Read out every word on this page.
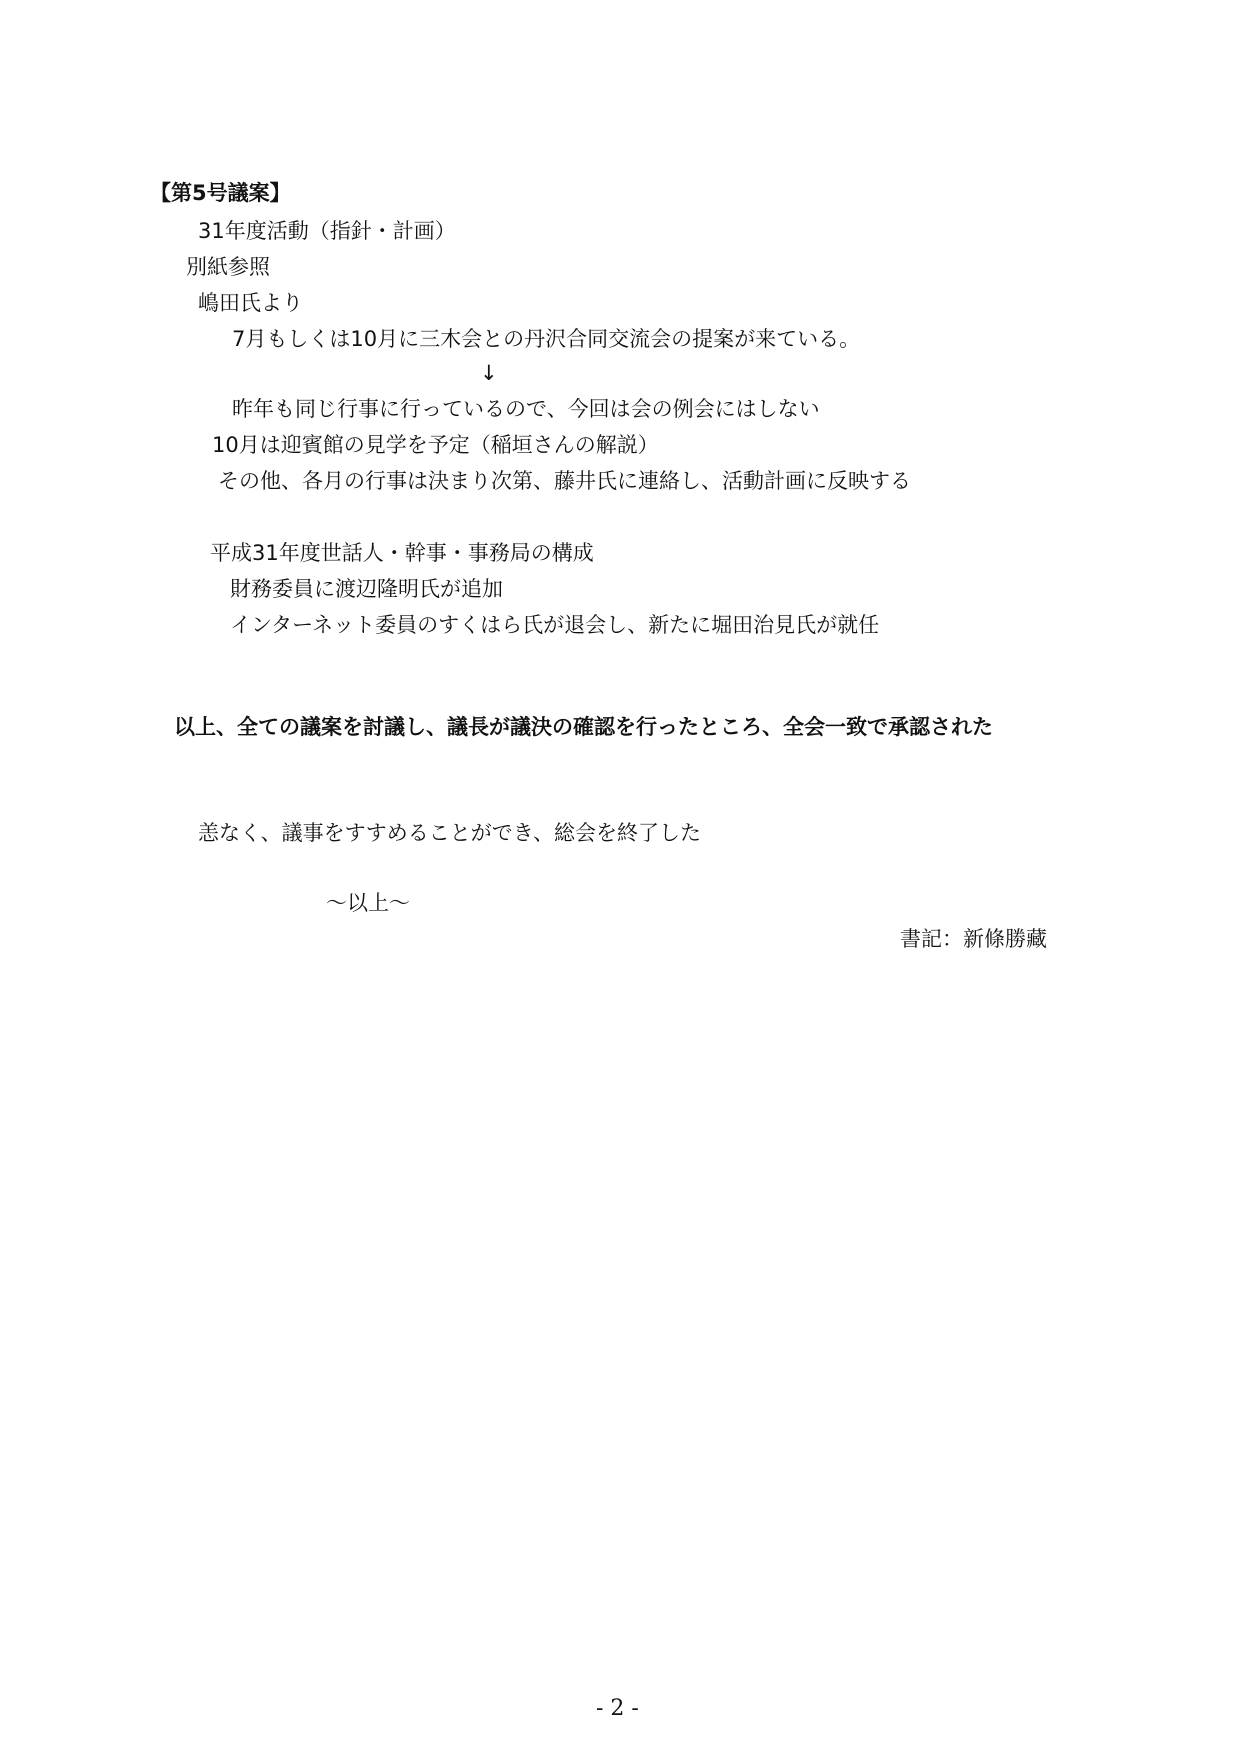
【第5号議案】
31年度活動（指針・計画）
別紙参照
嶋田氏より
7月もしくは10月に三木会との丹沢合同交流会の提案が来ている。
↓
昨年も同じ行事に行っているので、今回は会の例会にはしない
10月は迎賓館の見学を予定（稲垣さんの解説）
その他、各月の行事は決まり次第、藤井氏に連絡し、活動計画に反映する
平成31年度世話人・幹事・事務局の構成
財務委員に渡辺隆明氏が追加
インターネット委員のすくはら氏が退会し、新たに堀田治見氏が就任
以上、全ての議案を討議し、議長が議決の確認を行ったところ、全会一致で承認された
恙なく、議事をすすめることができ、総会を終了した
～以上～
書記：新條勝藏
- 2 -
